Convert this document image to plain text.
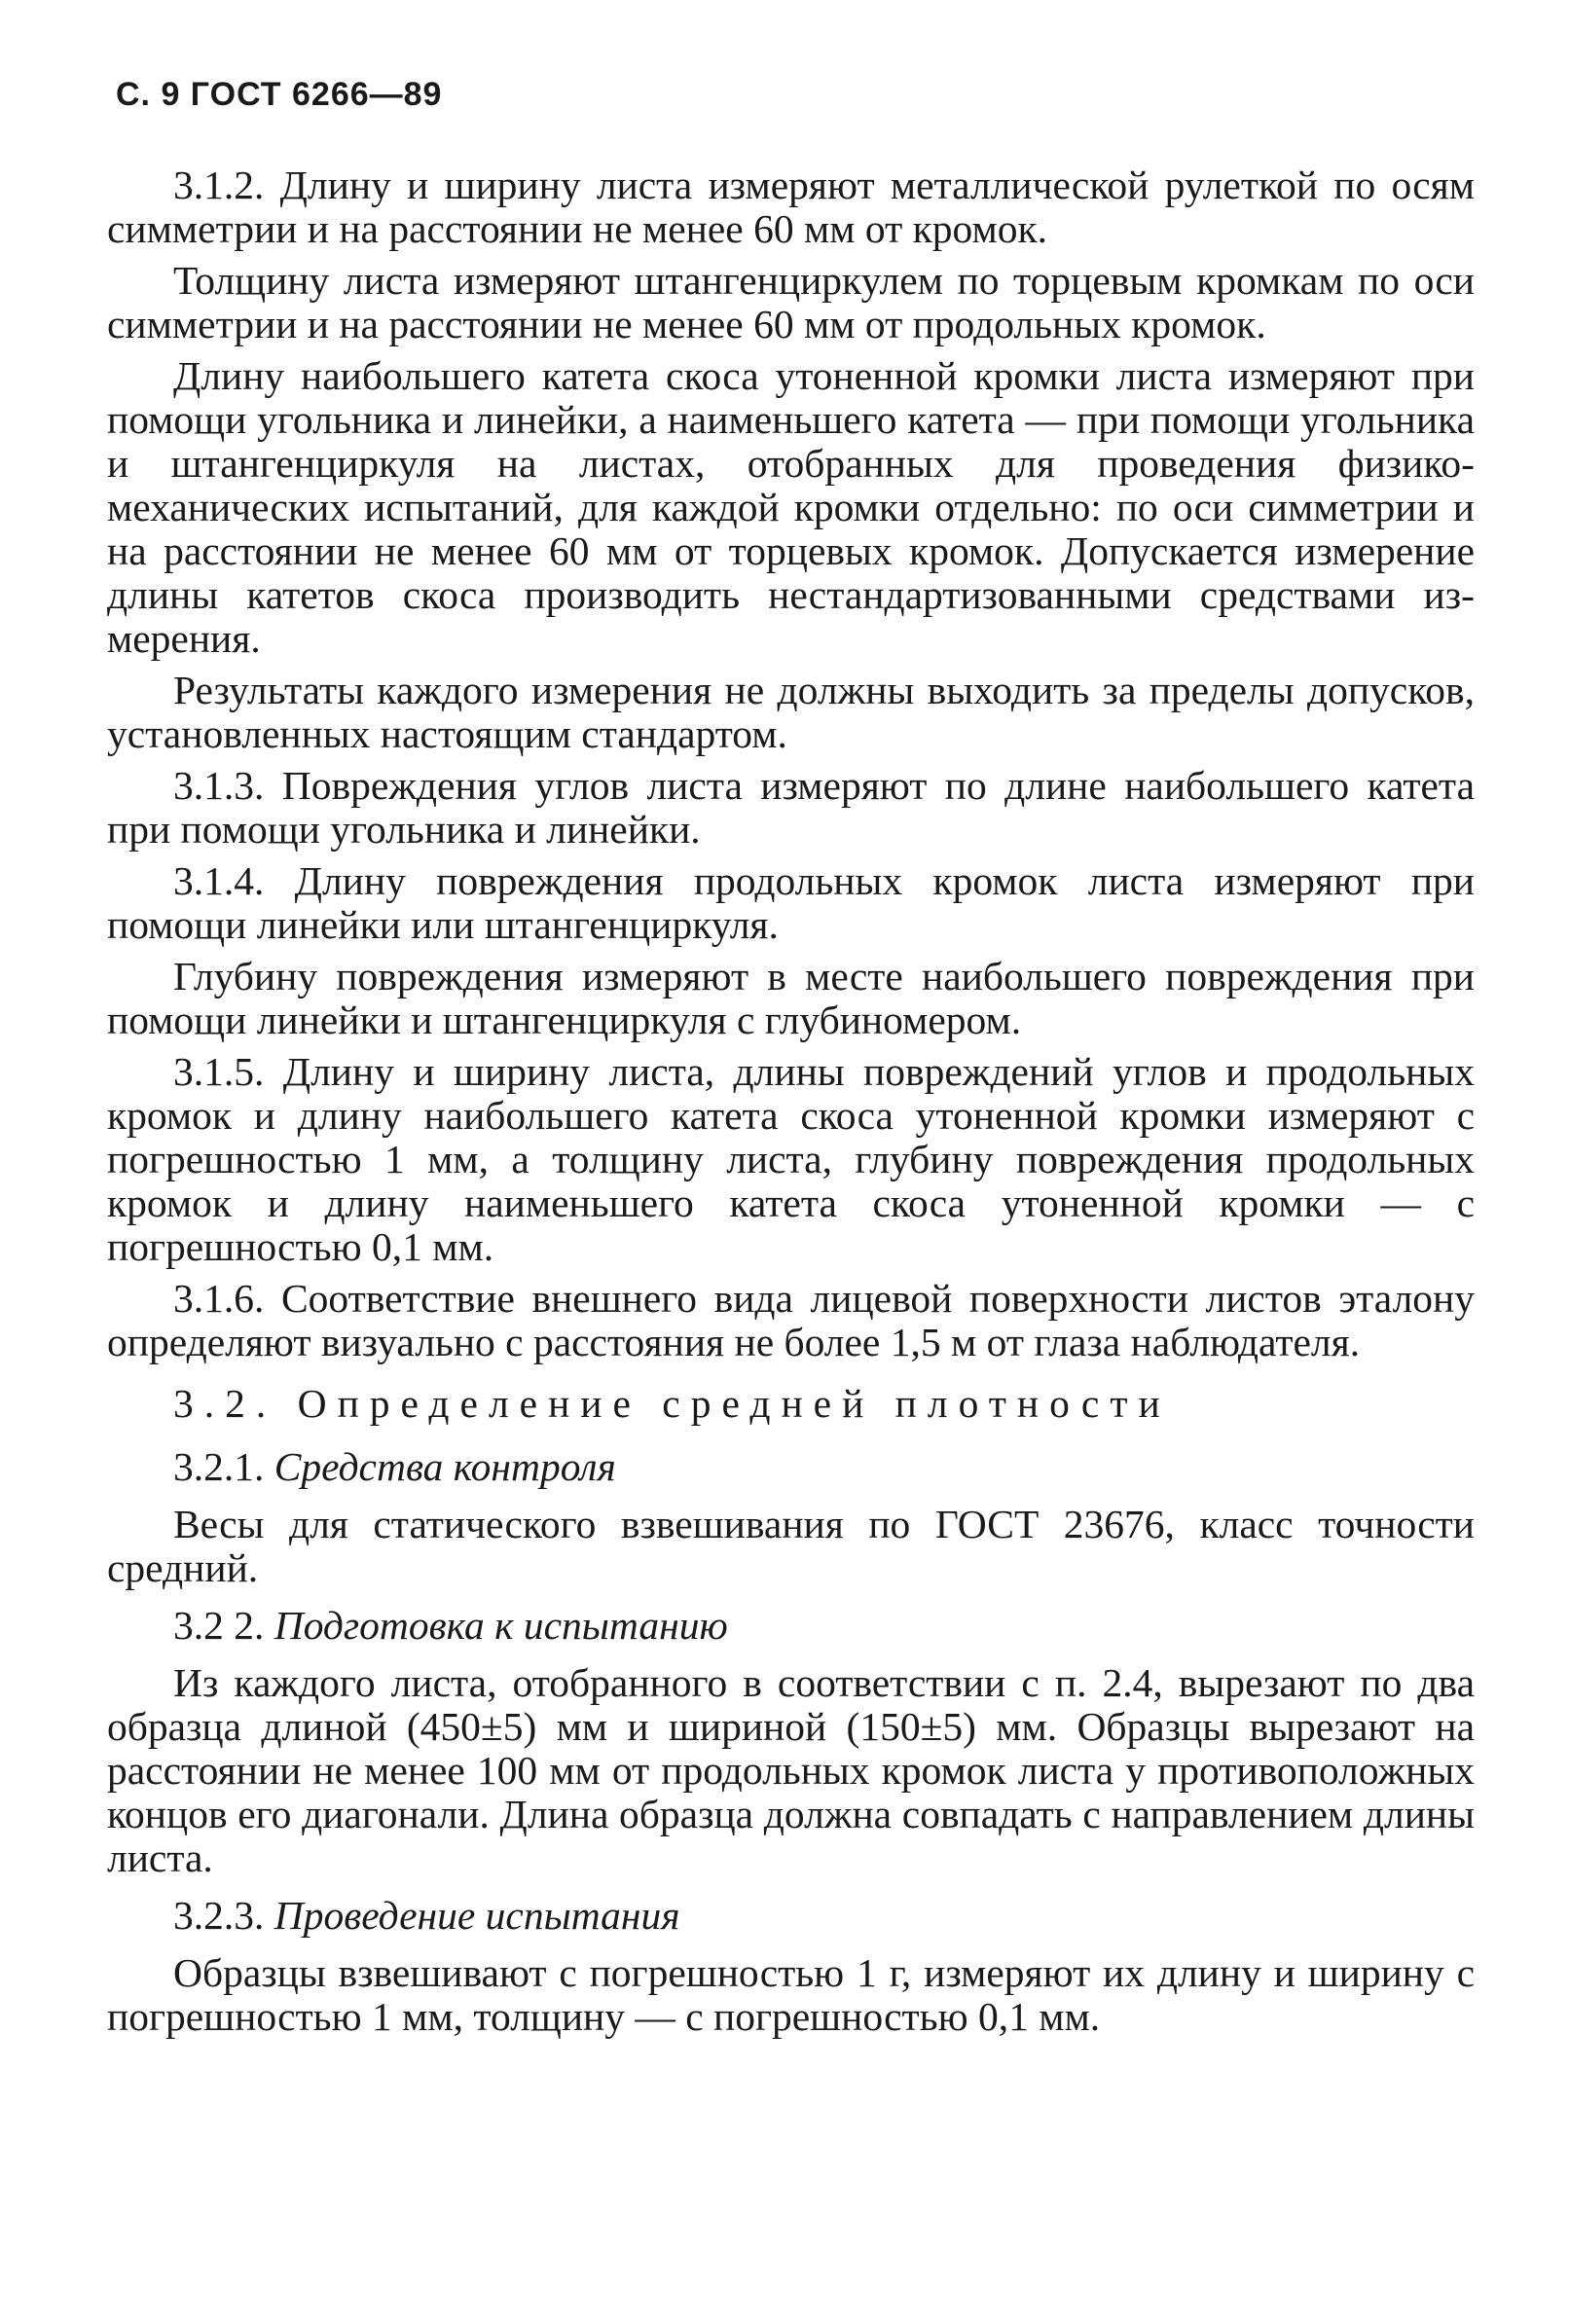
С. 9 ГОСТ 6266—89

3.1.2. Длину и ширину листа измеряют металлической рулеткой по осям симметрии и на расстоянии не менее 60 мм от кромок.

Толщину листа измеряют штангенциркулем по торцевым кромкам по оси симметрии и на расстоянии не менее 60 мм от продольных кромок.

Длину наибольшего катета скоса утоненной кромки листа измеряют при помощи угольника и линейки, а наименьшего катета — при помощи угольника и штангенциркуля на листах, отобранных для проведения физико-механических испытаний, для каждой кромки отдельно: по оси симметрии и на расстоянии не менее 60 мм от торцевых кромок. Допускается измерение длины катетов скоса производить нестандартизованными средствами измерения.

Результаты каждого измерения не должны выходить за пределы допусков, установленных настоящим стандартом.

3.1.3. Повреждения углов листа измеряют по длине наибольшего катета при помощи угольника и линейки.

3.1.4. Длину повреждения продольных кромок листа измеряют при помощи линейки или штангенциркуля.

Глубину повреждения измеряют в месте наибольшего повреждения при помощи линейки и штангенциркуля с глубиномером.

3.1.5. Длину и ширину листа, длины повреждений углов и продольных кромок и длину наибольшего катета скоса утоненной кромки измеряют с погрешностью 1 мм, а толщину листа, глубину повреждения продольных кромок и длину наименьшего катета скоса утоненной кромки — с погрешностью 0,1 мм.

3.1.6. Соответствие внешнего вида лицевой поверхности листов эталону определяют визуально с расстояния не более 1,5 м от глаза наблюдателя.

3.2. Определение средней плотности

3.2.1. Средства контроля

Весы для статического взвешивания по ГОСТ 23676, класс точности средний.

3.2 2. Подготовка к испытанию

Из каждого листа, отобранного в соответствии с п. 2.4, вырезают по два образца длиной (450±5) мм и шириной (150±5) мм. Образцы вырезают на расстоянии не менее 100 мм от продольных кромок листа у противоположных концов его диагонали. Длина образца должна совпадать с направлением длины листа.

3.2.3. Проведение испытания

Образцы взвешивают с погрешностью 1 г, измеряют их длину и ширину с погрешностью 1 мм, толщину — с погрешностью 0,1 мм.
